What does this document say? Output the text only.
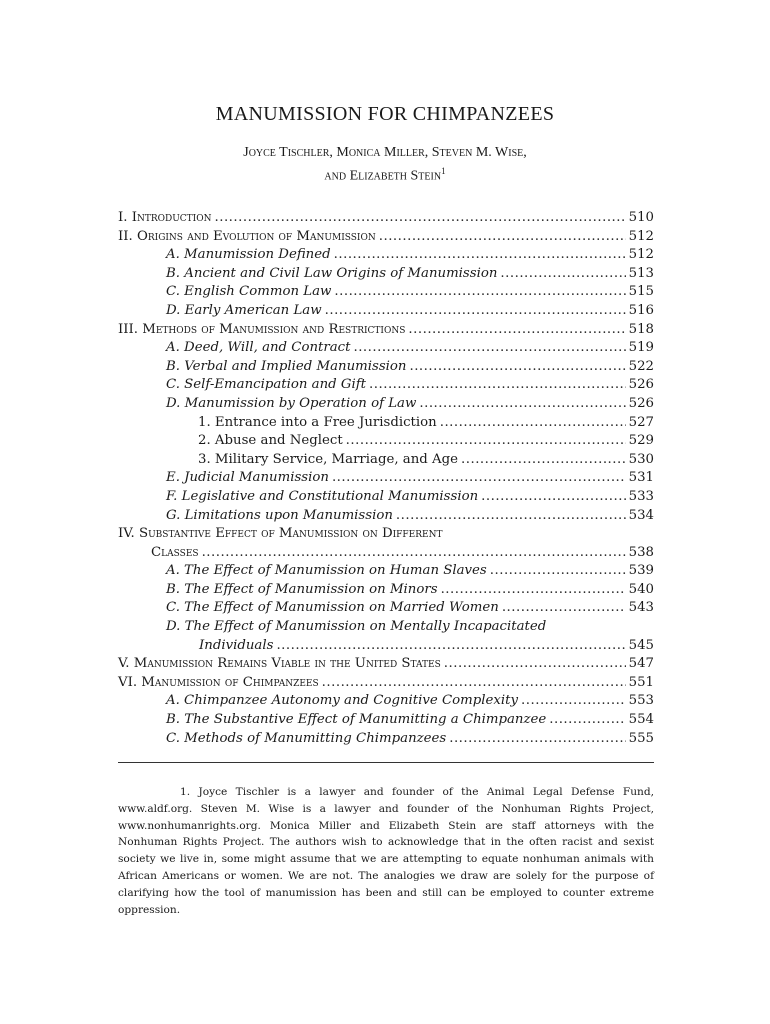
MANUMISSION FOR CHIMPANZEES
Joyce Tischler, Monica Miller, Steven M. Wise,
and Elizabeth Stein$^1$
I. Introduction .....	510
II. Origins and Evolution of Manumission .....	512
A. Manumission Defined .....	512
B. Ancient and Civil Law Origins of Manumission .....	513
C. English Common Law .....	515
D. Early American Law .....	516
III. Methods of Manumission and Restrictions .....	518
A. Deed, Will, and Contract .....	519
B. Verbal and Implied Manumission .....	522
C. Self-Emancipation and Gift .....	526
D. Manumission by Operation of Law .....	526
1. Entrance into a Free Jurisdiction .....	527
2. Abuse and Neglect .....	529
3. Military Service, Marriage, and Age .....	530
E. Judicial Manumission .....	531
F. Legislative and Constitutional Manumission .....	533
G. Limitations upon Manumission .....	534
IV. Substantive Effect of Manumission on Different
Classes .....	538
A. The Effect of Manumission on Human Slaves .....	539
B. The Effect of Manumission on Minors .....	540
C. The Effect of Manumission on Married Women .....	543
D. The Effect of Manumission on Mentally Incapacitated
Individuals .....	545
V. Manumission Remains Viable in the United States .....	547
VI. Manumission of Chimpanzees .....	551
A. Chimpanzee Autonomy and Cognitive Complexity .....	553
B. The Substantive Effect of Manumitting a Chimpanzee .....	554
C. Methods of Manumitting Chimpanzees .....	555
1. Joyce Tischler is a lawyer and founder of the Animal Legal Defense Fund, www.aldf.org. Steven M. Wise is a lawyer and founder of the Nonhuman Rights Project, www.nonhumanrights.org. Monica Miller and Elizabeth Stein are staff attorneys with the Nonhuman Rights Project. The authors wish to acknowledge that in the often racist and sexist society we live in, some might assume that we are attempting to equate nonhuman animals with African Americans or women. We are not. The analogies we draw are solely for the purpose of clarifying how the tool of manumission has been and still can be employed to counter extreme oppression.
